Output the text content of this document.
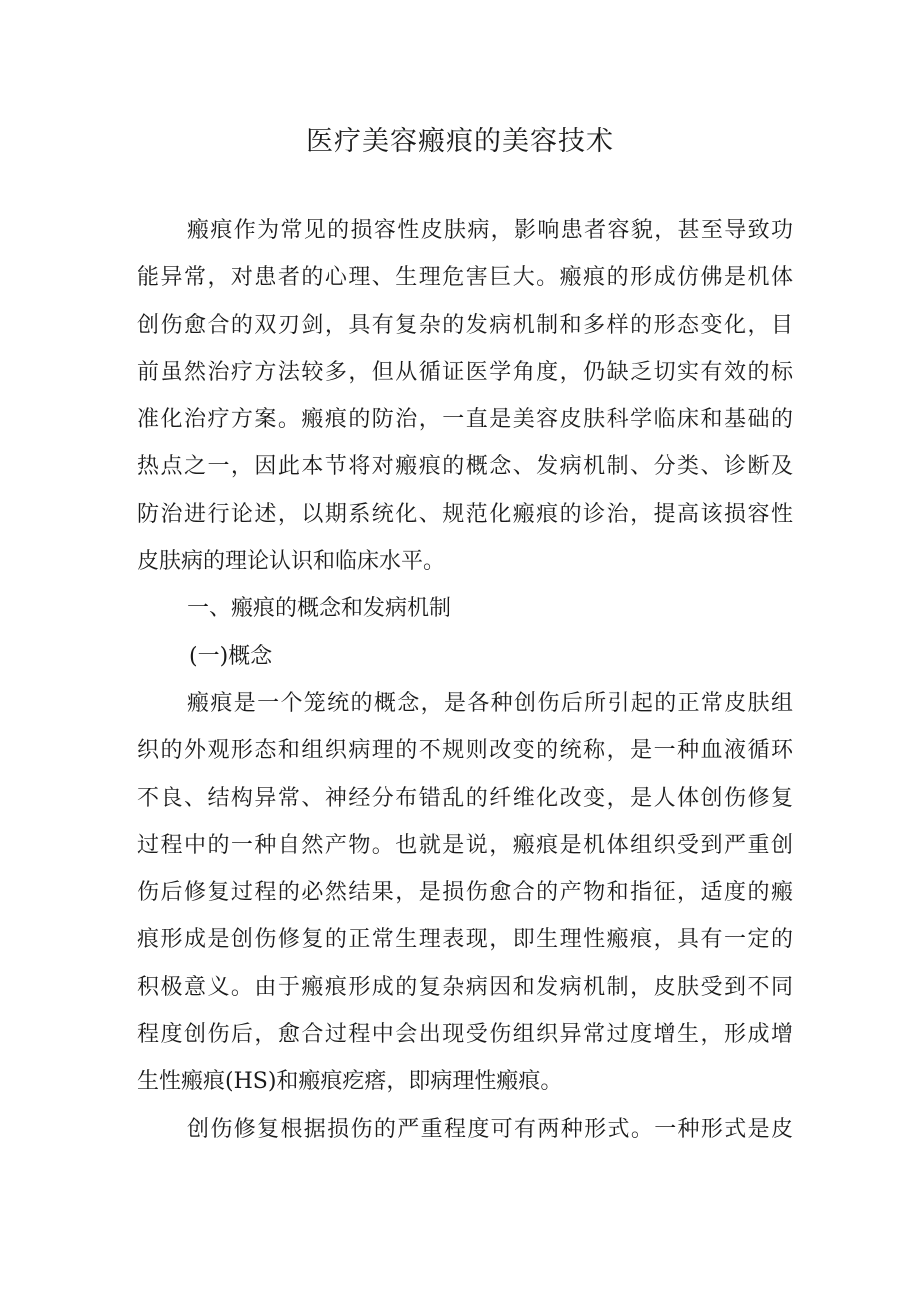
医疗美容瘢痕的美容技术
瘢痕作为常见的损容性皮肤病，影响患者容貌，甚至导致功
能异常，对患者的心理、生理危害巨大。瘢痕的形成仿佛是机体
创伤愈合的双刃剑，具有复杂的发病机制和多样的形态变化，目
前虽然治疗方法较多，但从循证医学角度，仍缺乏切实有效的标
准化治疗方案。瘢痕的防治，一直是美容皮肤科学临床和基础的
热点之一，因此本节将对瘢痕的概念、发病机制、分类、诊断及
防治进行论述，以期系统化、规范化瘢痕的诊治，提高该损容性
皮肤病的理论认识和临床水平。
一、瘢痕的概念和发病机制
(一)概念
瘢痕是一个笼统的概念，是各种创伤后所引起的正常皮肤组
织的外观形态和组织病理的不规则改变的统称，是一种血液循环
不良、结构异常、神经分布错乱的纤维化改变，是人体创伤修复
过程中的一种自然产物。也就是说，瘢痕是机体组织受到严重创
伤后修复过程的必然结果，是损伤愈合的产物和指征，适度的瘢
痕形成是创伤修复的正常生理表现，即生理性瘢痕，具有一定的
积极意义。由于瘢痕形成的复杂病因和发病机制，皮肤受到不同
程度创伤后，愈合过程中会出现受伤组织异常过度增生，形成增
生性瘢痕(HS)和瘢痕疙瘩，即病理性瘢痕。
创伤修复根据损伤的严重程度可有两种形式。一种形式是皮
